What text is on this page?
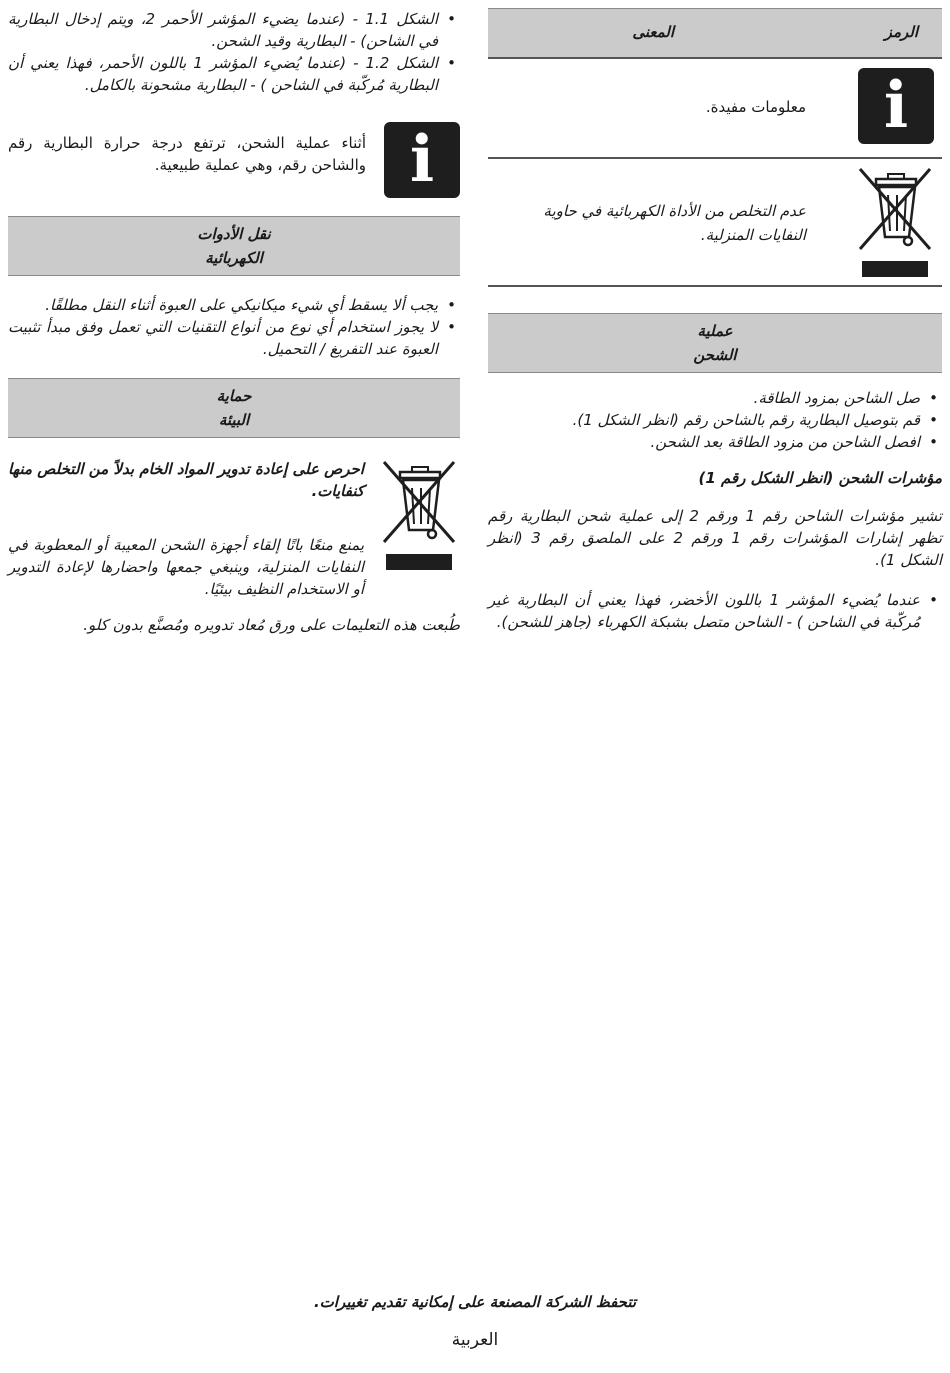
الرمز
المعنى
i
معلومات مفيدة.
عدم التخلص من الأداة الكهربائية في حاوية النفايات المنزلية.
عملية
الشحن
• صل الشاحن بمزود الطاقة.
• قم بتوصيل البطارية رقم بالشاحن رقم (انظر الشكل 1).
• افصل الشاحن من مزود الطاقة بعد الشحن.

مؤشرات الشحن (انظر الشكل رقم 1)

تشير مؤشرات الشاحن رقم 1 ورقم 2 إلى عملية شحن البطارية رقم تظهر إشارات المؤشرات رقم 1 ورقم 2 على الملصق رقم 3 (انظر الشكل 1).

• عندما يُضيء المؤشر 1 باللون الأخضر، فهذا يعني أن البطارية غير مُركّبة في الشاحن ) - الشاحن متصل بشبكة الكهرباء (جاهز للشحن).
• الشكل 1.1 - (عندما يضيء المؤشر الأحمر 2، ويتم إدخال البطارية في الشاحن) - البطارية وقيد الشحن.
• الشكل 1.2 - (عندما يُضيء المؤشر 1 باللون الأحمر، فهذا يعني أن البطارية مُركّبة في الشاحن ) - البطارية مشحونة بالكامل.
i

أثناء عملية الشحن، ترتفع درجة حرارة البطارية رقم والشاحن رقم، وهي عملية طبيعية.

نقل الأدوات
الكهربائية
• يجب ألا يسقط أي شيء ميكانيكي على العبوة أثناء النقل مطلقًا.
• لا يجوز استخدام أي نوع من أنواع التقنيات التي تعمل وفق مبدأ تثبيت العبوة عند التفريغ / التحميل.
حماية
البيئة

احرص على إعادة تدوير المواد الخام بدلاً من التخلص منها كنفايات.

يمنع منعًا باتًا إلقاء أجهزة الشحن المعيبة أو المعطوبة في النفايات المنزلية، وينبغي جمعها واحضارها لإعادة التدوير أو الاستخدام النظيف بيئيًا.

طُبعت هذه التعليمات على ورق مُعاد تدويره ومُصنَّع بدون كلو.

تتحفظ الشركة المصنعة على إمكانية تقديم تغييرات.
العربية
